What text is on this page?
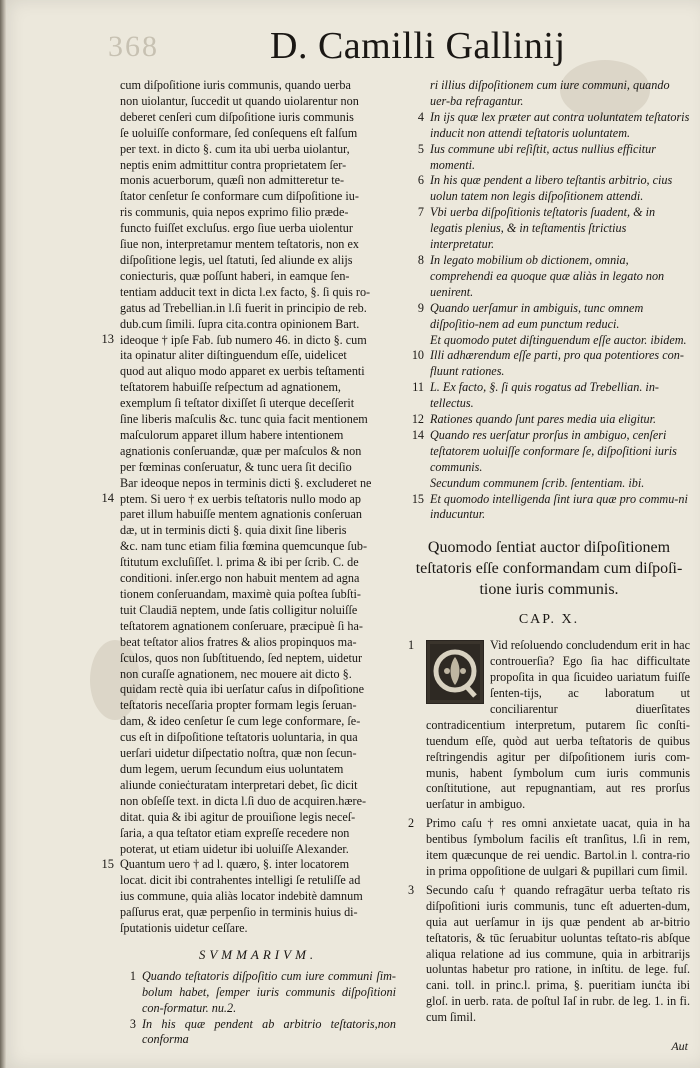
368	D. Camilli Gallinij
cum diſpoſitione iuris communis, quando uerba
non uiolantur, ſuccedit ut quando uiolarentur non
deberet cenſeri cum diſpoſitione iuris communis
ſe uoluiſſe conformare, ſed conſequens eſt falſum
per text. in dicto §. cum ita ubi uerba uiolantur,
neptis enim admittitur contra proprietatem ſer-
monis acuerborum, quæſi non admitteretur te-
ſtator cenſetur ſe conformare cum diſpoſitione iu-
ris communis, quia nepos exprimo filio præde-
functo fuiſſet excluſus. ergo ſiue uerba uiolentur
ſiue non, interpretamur mentem teſtatoris, non ex
diſpoſitione legis, uel ſtatuti, ſed aliunde ex alijs
coniecturis, quæ poſſunt haberi, in eamque ſen-
tentiam adducit text in dicta l.ex facto, §. ſi quis ro-
gatus ad Trebellian.in l.ſi fuerit in principio de reb.
dub.cum ſimili. ſupra cita.contra opinionem Bart.
ideoque † ipſe Fab. ſub numero 46. in dicto §. cum
ita opinatur aliter diſtinguendum eſſe, uidelicet
quod aut aliquo modo apparet ex uerbis teſtamenti
teſtatorem habuiſſe reſpectum ad agnationem,
exemplum ſi teſtator dixiſſet ſi uterque deceſſerit
ſine liberis maſculis &c. tunc quia facit mentionem
maſculorum apparet illum habere intentionem
agnationis conſeruandæ, quæ per maſculos & non
per fœminas conſeruatur, & tunc uera ſit deciſio
Bar ideoque nepos in terminis dicti §. excluderet ne
ptem. Si uero † ex uerbis teſtatoris nullo modo ap
paret illum habuiſſe mentem agnationis conſeruan
dæ, ut in terminis dicti §. quia dixit ſine liberis
&c. nam tunc etiam filia fœmina quemcunque ſub-
ſtitutum excluſiſſet. l. prima & ibi per ſcrib. C. de
conditioni. inſer.ergo non habuit mentem ad agna
tionem conſeruandam, maximè quia poſtea ſubſti-
tuit Claudiā neptem, unde ſatis colligitur noluiſſe
teſtatorem agnationem conſeruare, præcipuè ſi ha-
beat teſtator alios fratres & alios propinquos ma-
ſculos, quos non ſubſtituendo, ſed neptem, uidetur
non curaſſe agnationem, nec mouere ait dicto §.
quidam rectè quia ibi uerſatur caſus in diſpoſitione
teſtatoris neceſſaria propter formam legis ſeruan-
dam, & ideo cenſetur ſe cum lege conformare, ſe-
cus eſt in diſpoſitione teſtatoris uoluntaria, in qua
uerſari uidetur diſpectatio noſtra, quæ non ſecun-
dum legem, uerum ſecundum eius uoluntatem
aliunde conieċturatam interpretari debet, ſic dicit
non obſeſſe text. in dicta l.ſi duo de acquiren.hære-
ditat. quia & ibi agitur de prouiſione legis neceſ-
ſaria, a qua teſtator etiam expreſſe recedere non
poterat, ut etiam uidetur ibi uoluiſſe Alexander.
Quantum uero † ad l. quæro, §. inter locatorem
locat. dicit ibi contrahentes intelligi ſe retuliſſe ad
ius commune, quia aliàs locator indebitè damnum
paſſurus erat, quæ perpenſio in terminis huius di-
ſputationis uidetur ceſſare.
13
14
15
SVMMARIVM.
1 Quando teſtatoris diſpoſitio cum iure communi ſim-bolum habet, ſemper iuris communis diſpoſitioni con-formatur. nu.2.
3 In his quæ pendent ab arbitrio teſtatoris,non conforma
ri illius diſpoſitionem cum iure communi, quando uer-ba refragantur.
4 In ijs quæ lex præter aut contra uoluntatem teſtatoris inducit non attendi teſtatoris uoluntatem.
5 Ius commune ubi reſiſtit, actus nullius efficitur momenti.
6 In his quæ pendent a libero teſtantis arbitrio, cius uolun tatem non legis diſpoſitionem attendi.
7 Vbi uerba diſpoſitionis teſtatoris ſuadent, & in legatis plenius, & in teſtamentis ſtrictius interpretatur.
8 In legato mobilium ob dictionem, omnia, comprehendi ea quoque quæ aliàs in legato non uenirent.
9 Quando uerſamur in ambiguis, tunc omnem diſpoſitio-nem ad eum punctum reduci.
Et quomodo putet diſtinguendum eſſe auctor. ibidem.
10 Illi adhærendum eſſe parti, pro qua potentiores con-fluunt rationes.
11 L. Ex facto, §. ſi quis rogatus ad Trebellian. in-tellectus.
12 Rationes quando ſunt pares media uia eligitur.
14 Quando res uerſatur prorſus in ambiguo, cenſeri teſtatorem uoluiſſe conformare ſe, diſpoſitioni iuris communis.
Secundum communem ſcrib. ſententiam. ibi.
15 Et quomodo intelligenda ſint iura quæ pro commu-ni inducuntur.
Quomodo ſentiat auctor diſpoſitionem teſtatoris eſſe conformandam cum diſpoſi-tione iuris communis.
CAP. X.
1	Vid reſoluendo concludendum erit in hac controuerſia? Ego ſia hac difficultate propoſita in qua ſicuideo uariatum fuiſſe ſenten-tijs, ac laboratum ut conciliarentur diuerſitates contradicentium interpretum, putarem ſic conſti-tuendum eſſe, quòd aut uerba teſtatoris de quibus reſtringendis agitur per diſpoſitionem iuris com-munis, habent ſymbolum cum iuris communis conſtitutione, aut repugnantiam, aut res prorſus uerſatur in ambiguo.

2 Primo caſu † res omni anxietate uacat, quia in ha bentibus ſymbolum facilis eſt tranſitus, l.ſi in rem, item quæcunque de rei uendic. Bartol.in l. contra-rio in prima oppoſitione de uulgari & pupillari cum ſimil.

3 Secundo caſu † quando refragātur uerba teſtato ris diſpoſitioni iuris communis, tunc eſt aduerten-dum, quia aut uerſamur in ijs quæ pendent ab ar-bitrio teſtatoris, & tūc ſeruabitur uoluntas teſtato-ris abſque aliqua relatione ad ius commune, quia in arbitrarijs uoluntas habetur pro ratione, in inſtitu. de lege. fuſ. cani. toll. in princ.l. prima, §. pueritiam iunċta ibi gloſ. in uerb. rata. de poſtul Iaſ in rubr. de leg. 1. in fi. cum ſimil.

Aut
